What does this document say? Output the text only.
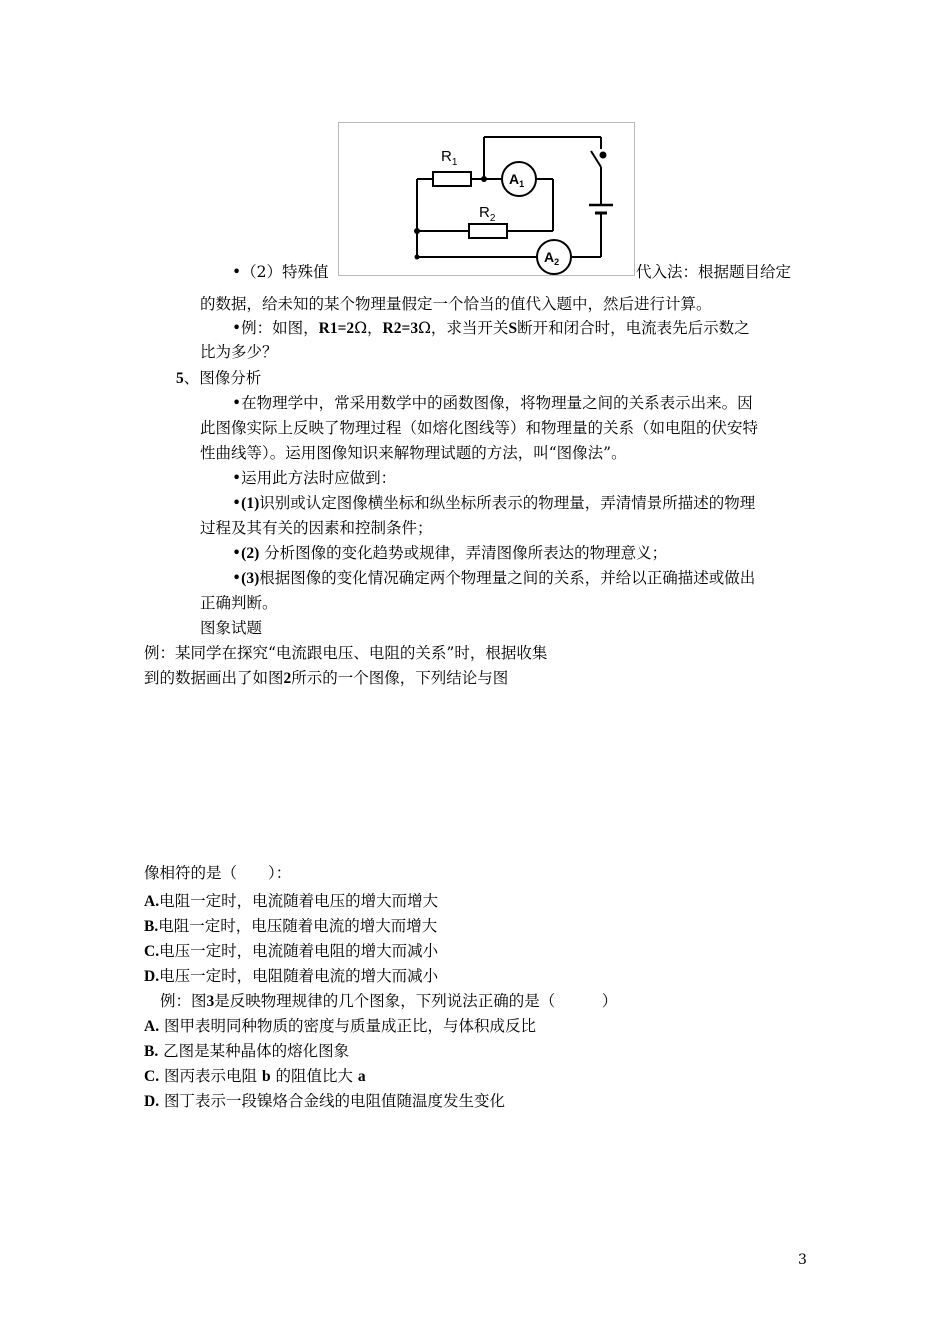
$R_1$
$R_2$
$A_1$
$A_2$
•（2）特殊值	代入法：根据题目给定
的数据，给未知的某个物理量假定一个恰当的值代入题中，然后进行计算。
•例：如图，R1=2Ω，R2=3Ω，求当开关S断开和闭合时，电流表先后示数之
比为多少？
5、图像分析
•在物理学中，常采用数学中的函数图像，将物理量之间的关系表示出来。因
此图像实际上反映了物理过程（如熔化图线等）和物理量的关系（如电阻的伏安特
性曲线等）。运用图像知识来解物理试题的方法，叫“图像法”。
•运用此方法时应做到：
•(1)识别或认定图像横坐标和纵坐标所表示的物理量，弄清情景所描述的物理
过程及其有关的因素和控制条件；
•(2) 分析图像的变化趋势或规律，弄清图像所表达的物理意义；
•(3)根据图像的变化情况确定两个物理量之间的关系，并给以正确描述或做出
正确判断。
图象试题
例：某同学在探究“电流跟电压、电阻的关系”时，根据收集
到的数据画出了如图2所示的一个图像，下列结论与图
像相符的是（　　）：
A.电阻一定时，电流随着电压的增大而增大
B.电阻一定时，电压随着电流的增大而增大
C.电压一定时，电流随着电阻的增大而减小
D.电压一定时，电阻随着电流的增大而减小
例：图3是反映物理规律的几个图象，下列说法正确的是（　　　）
A. 图甲表明同种物质的密度与质量成正比，与体积成反比
B. 乙图是某种晶体的熔化图象
C. 图丙表示电阻 b 的阻值比大 a
D. 图丁表示一段镍烙合金线的电阻值随温度发生变化
3
